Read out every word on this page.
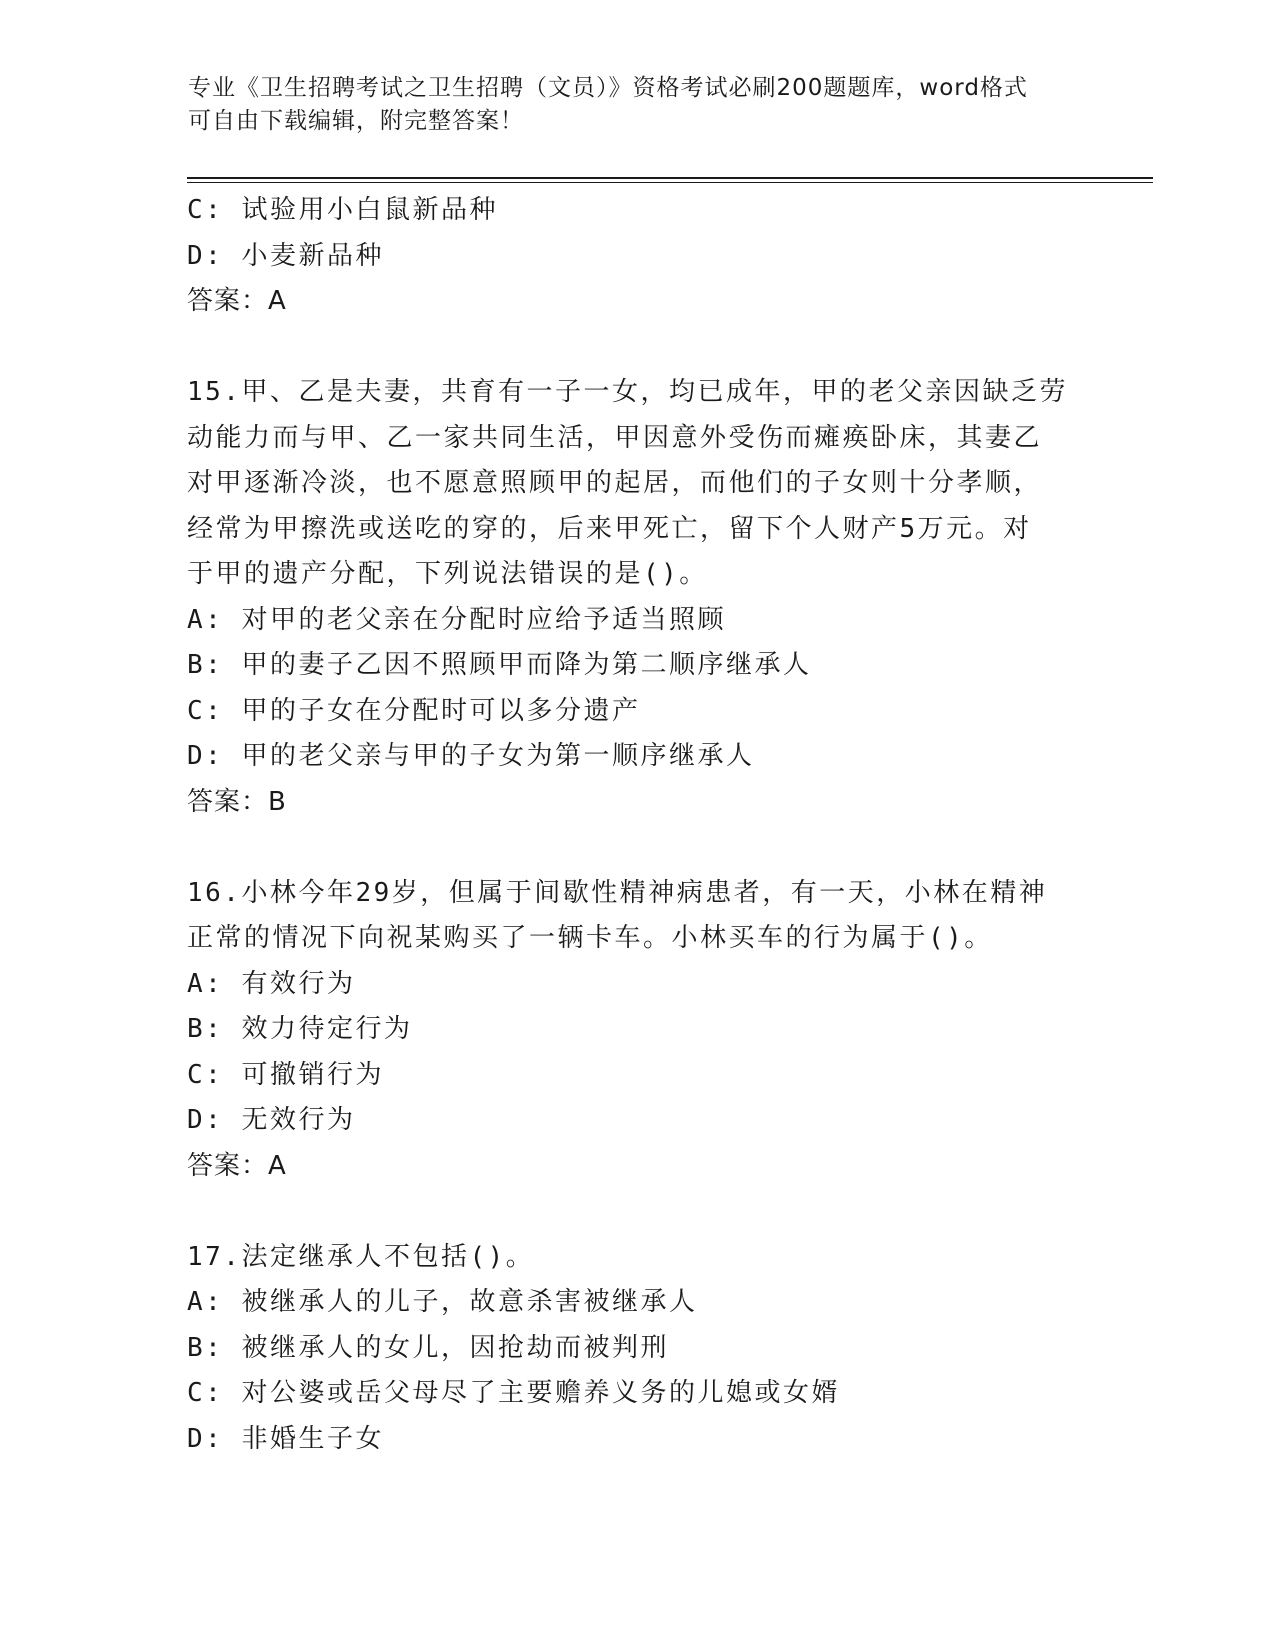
专业《卫生招聘考试之卫生招聘（文员）》资格考试必刷200题题库，word格式
可自由下载编辑，附完整答案！
C: 试验用小白鼠新品种
D: 小麦新品种
答案：A
15.甲、乙是夫妻，共育有一子一女，均已成年，甲的老父亲因缺乏劳
动能力而与甲、乙一家共同生活，甲因意外受伤而瘫痪卧床，其妻乙
对甲逐渐冷淡，也不愿意照顾甲的起居，而他们的子女则十分孝顺，
经常为甲擦洗或送吃的穿的，后来甲死亡，留下个人财产5万元。对
于甲的遗产分配，下列说法错误的是()。
A: 对甲的老父亲在分配时应给予适当照顾
B: 甲的妻子乙因不照顾甲而降为第二顺序继承人
C: 甲的子女在分配时可以多分遗产
D: 甲的老父亲与甲的子女为第一顺序继承人
答案：B
16.小林今年29岁，但属于间歇性精神病患者，有一天，小林在精神
正常的情况下向祝某购买了一辆卡车。小林买车的行为属于()。
A: 有效行为
B: 效力待定行为
C: 可撤销行为
D: 无效行为
答案：A
17.法定继承人不包括()。
A: 被继承人的儿子，故意杀害被继承人
B: 被继承人的女儿，因抢劫而被判刑
C: 对公婆或岳父母尽了主要赡养义务的儿媳或女婿
D: 非婚生子女
